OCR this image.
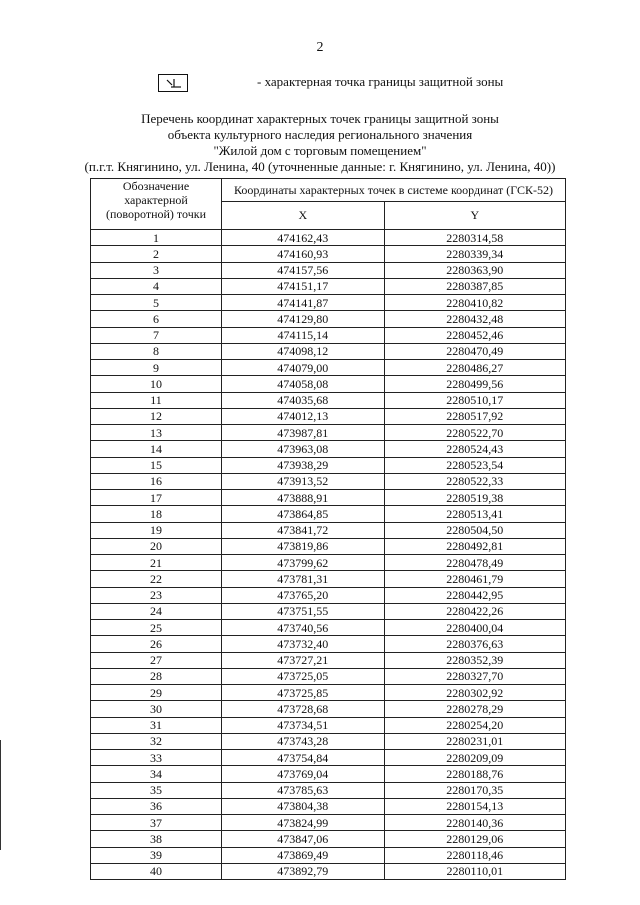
2
- характерная точка границы защитной зоны
Перечень координат характерных точек границы защитной зоны
объекта культурного наследия регионального значения
"Жилой дом с торговым помещением"
(п.г.т. Княгинино, ул. Ленина, 40 (уточненные данные: г. Княгинино, ул. Ленина, 40))
Обозначение характерной (поворотной) точки	Координаты характерных точек в системе координат (ГСК-52)	
	X	Y
1	474162,43	2280314,58
2	474160,93	2280339,34
3	474157,56	2280363,90
4	474151,17	2280387,85
5	474141,87	2280410,82
6	474129,80	2280432,48
7	474115,14	2280452,46
8	474098,12	2280470,49
9	474079,00	2280486,27
10	474058,08	2280499,56
11	474035,68	2280510,17
12	474012,13	2280517,92
13	473987,81	2280522,70
14	473963,08	2280524,43
15	473938,29	2280523,54
16	473913,52	2280522,33
17	473888,91	2280519,38
18	473864,85	2280513,41
19	473841,72	2280504,50
20	473819,86	2280492,81
21	473799,62	2280478,49
22	473781,31	2280461,79
23	473765,20	2280442,95
24	473751,55	2280422,26
25	473740,56	2280400,04
26	473732,40	2280376,63
27	473727,21	2280352,39
28	473725,05	2280327,70
29	473725,85	2280302,92
30	473728,68	2280278,29
31	473734,51	2280254,20
32	473743,28	2280231,01
33	473754,84	2280209,09
34	473769,04	2280188,76
35	473785,63	2280170,35
36	473804,38	2280154,13
37	473824,99	2280140,36
38	473847,06	2280129,06
39	473869,49	2280118,46
40	473892,79	2280110,01
